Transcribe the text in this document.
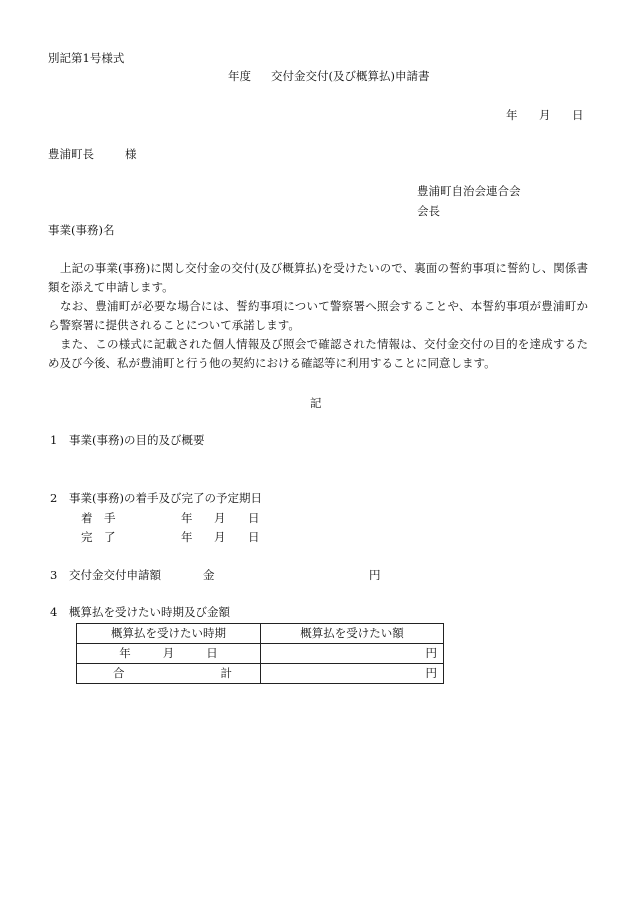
別記第1号様式
年度 交付金交付(及び概算払)申請書
年 月 日
豊浦町長	様
豊浦町自治会連合会
会長
事業(事務)名

上記の事業(事務)に関し交付金の交付(及び概算払)を受けたいので、裏面の誓約事項に誓約し、関係書類を添えて申請します。

なお、豊浦町が必要な場合には、誓約事項について警察署へ照会することや、本誓約事項が豊浦町から警察署に提供されることについて承諾します。

また、この様式に記載された個人情報及び照会で確認された情報は、交付金交付の目的を達成するため及び今後、私が豊浦町と行う他の契約における確認等に利用することに同意します。

記
1 事業(事務)の目的及び概要
2 事業(事務)の着手及び完了の予定期日
着 手	年 月 日
完 了	年 月 日
3 交付金交付申請額	金	円
4 概算払を受けたい時期及び金額
概算払を受けたい時期	概算払を受けたい額

年 月 日	円

合 計	円
